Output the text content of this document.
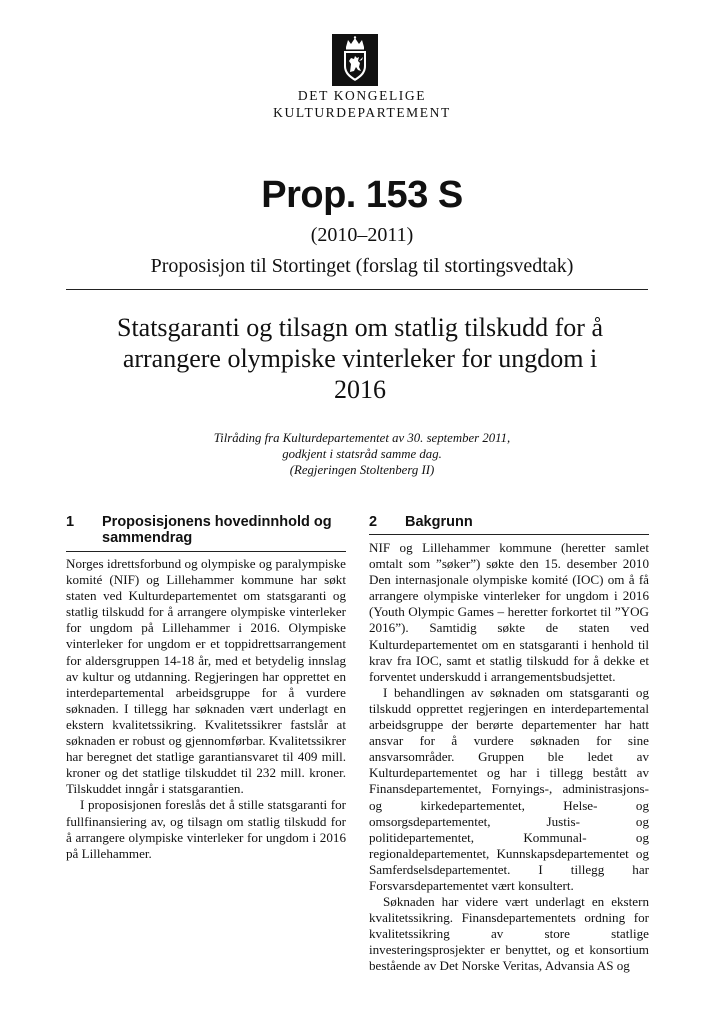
DET KONGELIGE
KULTURDEPARTEMENT
Prop. 153 S
(2010–2011)
Proposisjon til Stortinget (forslag til stortingsvedtak)
Statsgaranti og tilsagn om statlig tilskudd for å arrangere olympiske vinterleker for ungdom i 2016
Tilråding fra Kulturdepartementet av 30. september 2011,
godkjent i statsråd samme dag.
(Regjeringen Stoltenberg II)
1 Proposisjonens hovedinnhold og
sammendrag

Norges idrettsforbund og olympiske og paralympiske komité (NIF) og Lillehammer kommune har søkt staten ved Kulturdepartementet om statsgaranti og statlig tilskudd for å arrangere olympiske vinterleker for ungdom på Lillehammer i 2016. Olympiske vinterleker for ungdom er et toppidrettsarrangement for aldersgruppen 14-18 år, med et betydelig innslag av kultur og utdanning. Regjeringen har opprettet en interdepartemental arbeidsgruppe for å vurdere søknaden. I tillegg har søknaden vært underlagt en ekstern kvalitetssikring. Kvalitetssikrer fastslår at søknaden er robust og gjennomførbar. Kvalitetssikrer har beregnet det statlige garantiansvaret til 409 mill. kroner og det statlige tilskuddet til 232 mill. kroner. Tilskuddet inngår i statsgarantien.

I proposisjonen foreslås det å stille statsgaranti for fullfinansiering av, og tilsagn om statlig tilskudd for å arrangere olympiske vinterleker for ungdom i 2016 på Lillehammer.

2 Bakgrunn

NIF og Lillehammer kommune (heretter samlet omtalt som ”søker”) søkte den 15. desember 2010 Den internasjonale olympiske komité (IOC) om å få arrangere olympiske vinterleker for ungdom i 2016 (Youth Olympic Games – heretter forkortet til ”YOG 2016”). Samtidig søkte de staten ved Kulturdepartementet om en statsgaranti i henhold til krav fra IOC, samt et statlig tilskudd for å dekke et forventet underskudd i arrangementsbudsjettet.

I behandlingen av søknaden om statsgaranti og tilskudd opprettet regjeringen en interdepartemental arbeidsgruppe der berørte departementer har hatt ansvar for å vurdere søknaden for sine ansvarsområder. Gruppen ble ledet av Kulturdepartementet og har i tillegg bestått av Finansdepartementet, Fornyings-, administrasjons- og kirkedepartementet, Helse- og omsorgsdepartementet, Justis- og politidepartementet, Kommunal- og regionaldepartementet, Kunnskapsdepartementet og Samferdselsdepartementet. I tillegg har Forsvarsdepartementet vært konsultert.

Søknaden har videre vært underlagt en ekstern kvalitetssikring. Finansdepartementets ordning for kvalitetssikring av store statlige investeringsprosjekter er benyttet, og et konsortium bestående av Det Norske Veritas, Advansia AS og
